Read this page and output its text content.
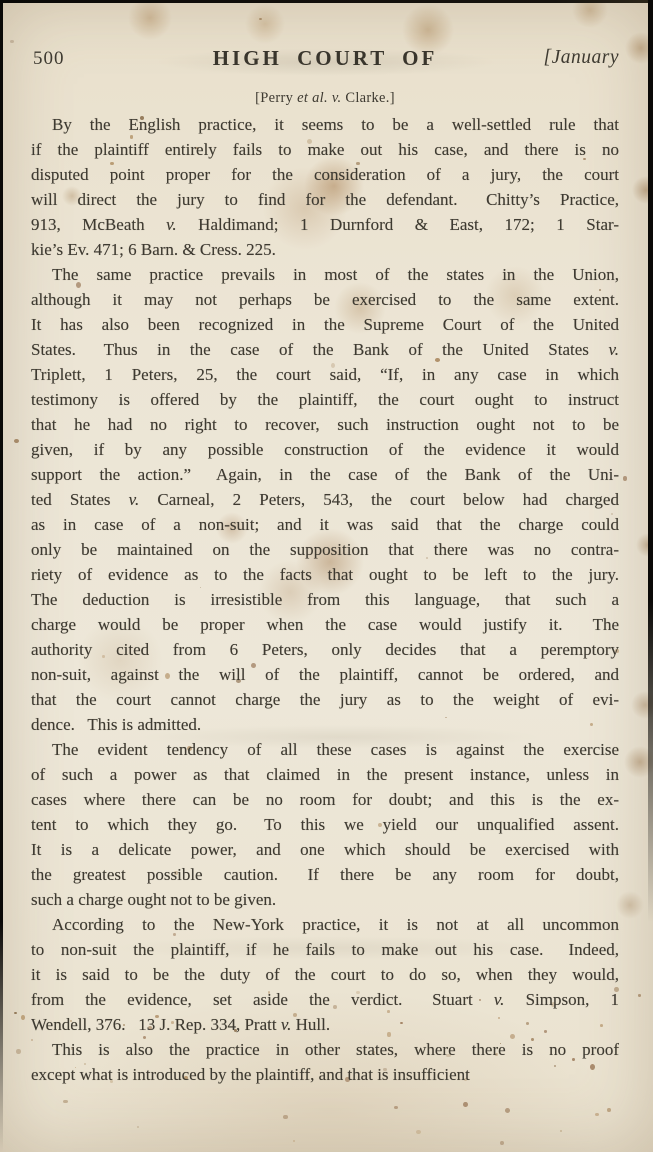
500	HIGH COURT OF	[January
[Perry et al. v. Clarke.]
By the English practice, it seems to be a well-settled rule that
if the plaintiff entirely fails to make out his case, and there is no
disputed point proper for the consideration of a jury, the court
will direct the jury to find for the defendant.  Chitty’s Practice,
913, McBeath v. Haldimand; 1 Durnford & East, 172; 1 Star-
kie’s Ev. 471; 6 Barn. & Cress. 225.
The same practice prevails in most of the states in the Union,
although it may not perhaps be exercised to the same extent.
It has also been recognized in the Supreme Court of the United
States.  Thus in the case of the Bank of the United States v.
Triplett, 1 Peters, 25, the court said, “If, in any case in which
testimony is offered by the plaintiff, the court ought to instruct
that he had no right to recover, such instruction ought not to be
given, if by any possible construction of the evidence it would
support the action.”  Again, in the case of the Bank of the Uni-
ted States v. Carneal, 2 Peters, 543, the court below had charged
as in case of a non-suit; and it was said that the charge could
only be maintained on the supposition that there was no contra-
riety of evidence as to the facts that ought to be left to the jury.
The deduction is irresistible from this language, that such a
charge would be proper when the case would justify it.  The
authority cited from 6 Peters, only decides that a peremptory
non-suit, against the will of the plaintiff, cannot be ordered, and
that the court cannot charge the jury as to the weight of evi-
dence.  This is admitted.
The evident tendency of all these cases is against the exercise
of such a power as that claimed in the present instance, unless in
cases where there can be no room for doubt; and this is the ex-
tent to which they go.  To this we yield our unqualified assent.
It is a delicate power, and one which should be exercised with
the greatest possible caution.  If there be any room for doubt,
such a charge ought not to be given.
According to the New-York practice, it is not at all uncommon
to non-suit the plaintiff, if he fails to make out his case.  Indeed,
it is said to be the duty of the court to do so, when they would,
from the evidence, set aside the verdict.  Stuart v. Simpson, 1
Wendell, 376.  13 J. Rep. 334, Pratt v. Hull.
This is also the practice in other states, where there is no proof
except what is introduced by the plaintiff, and that is insufficient
